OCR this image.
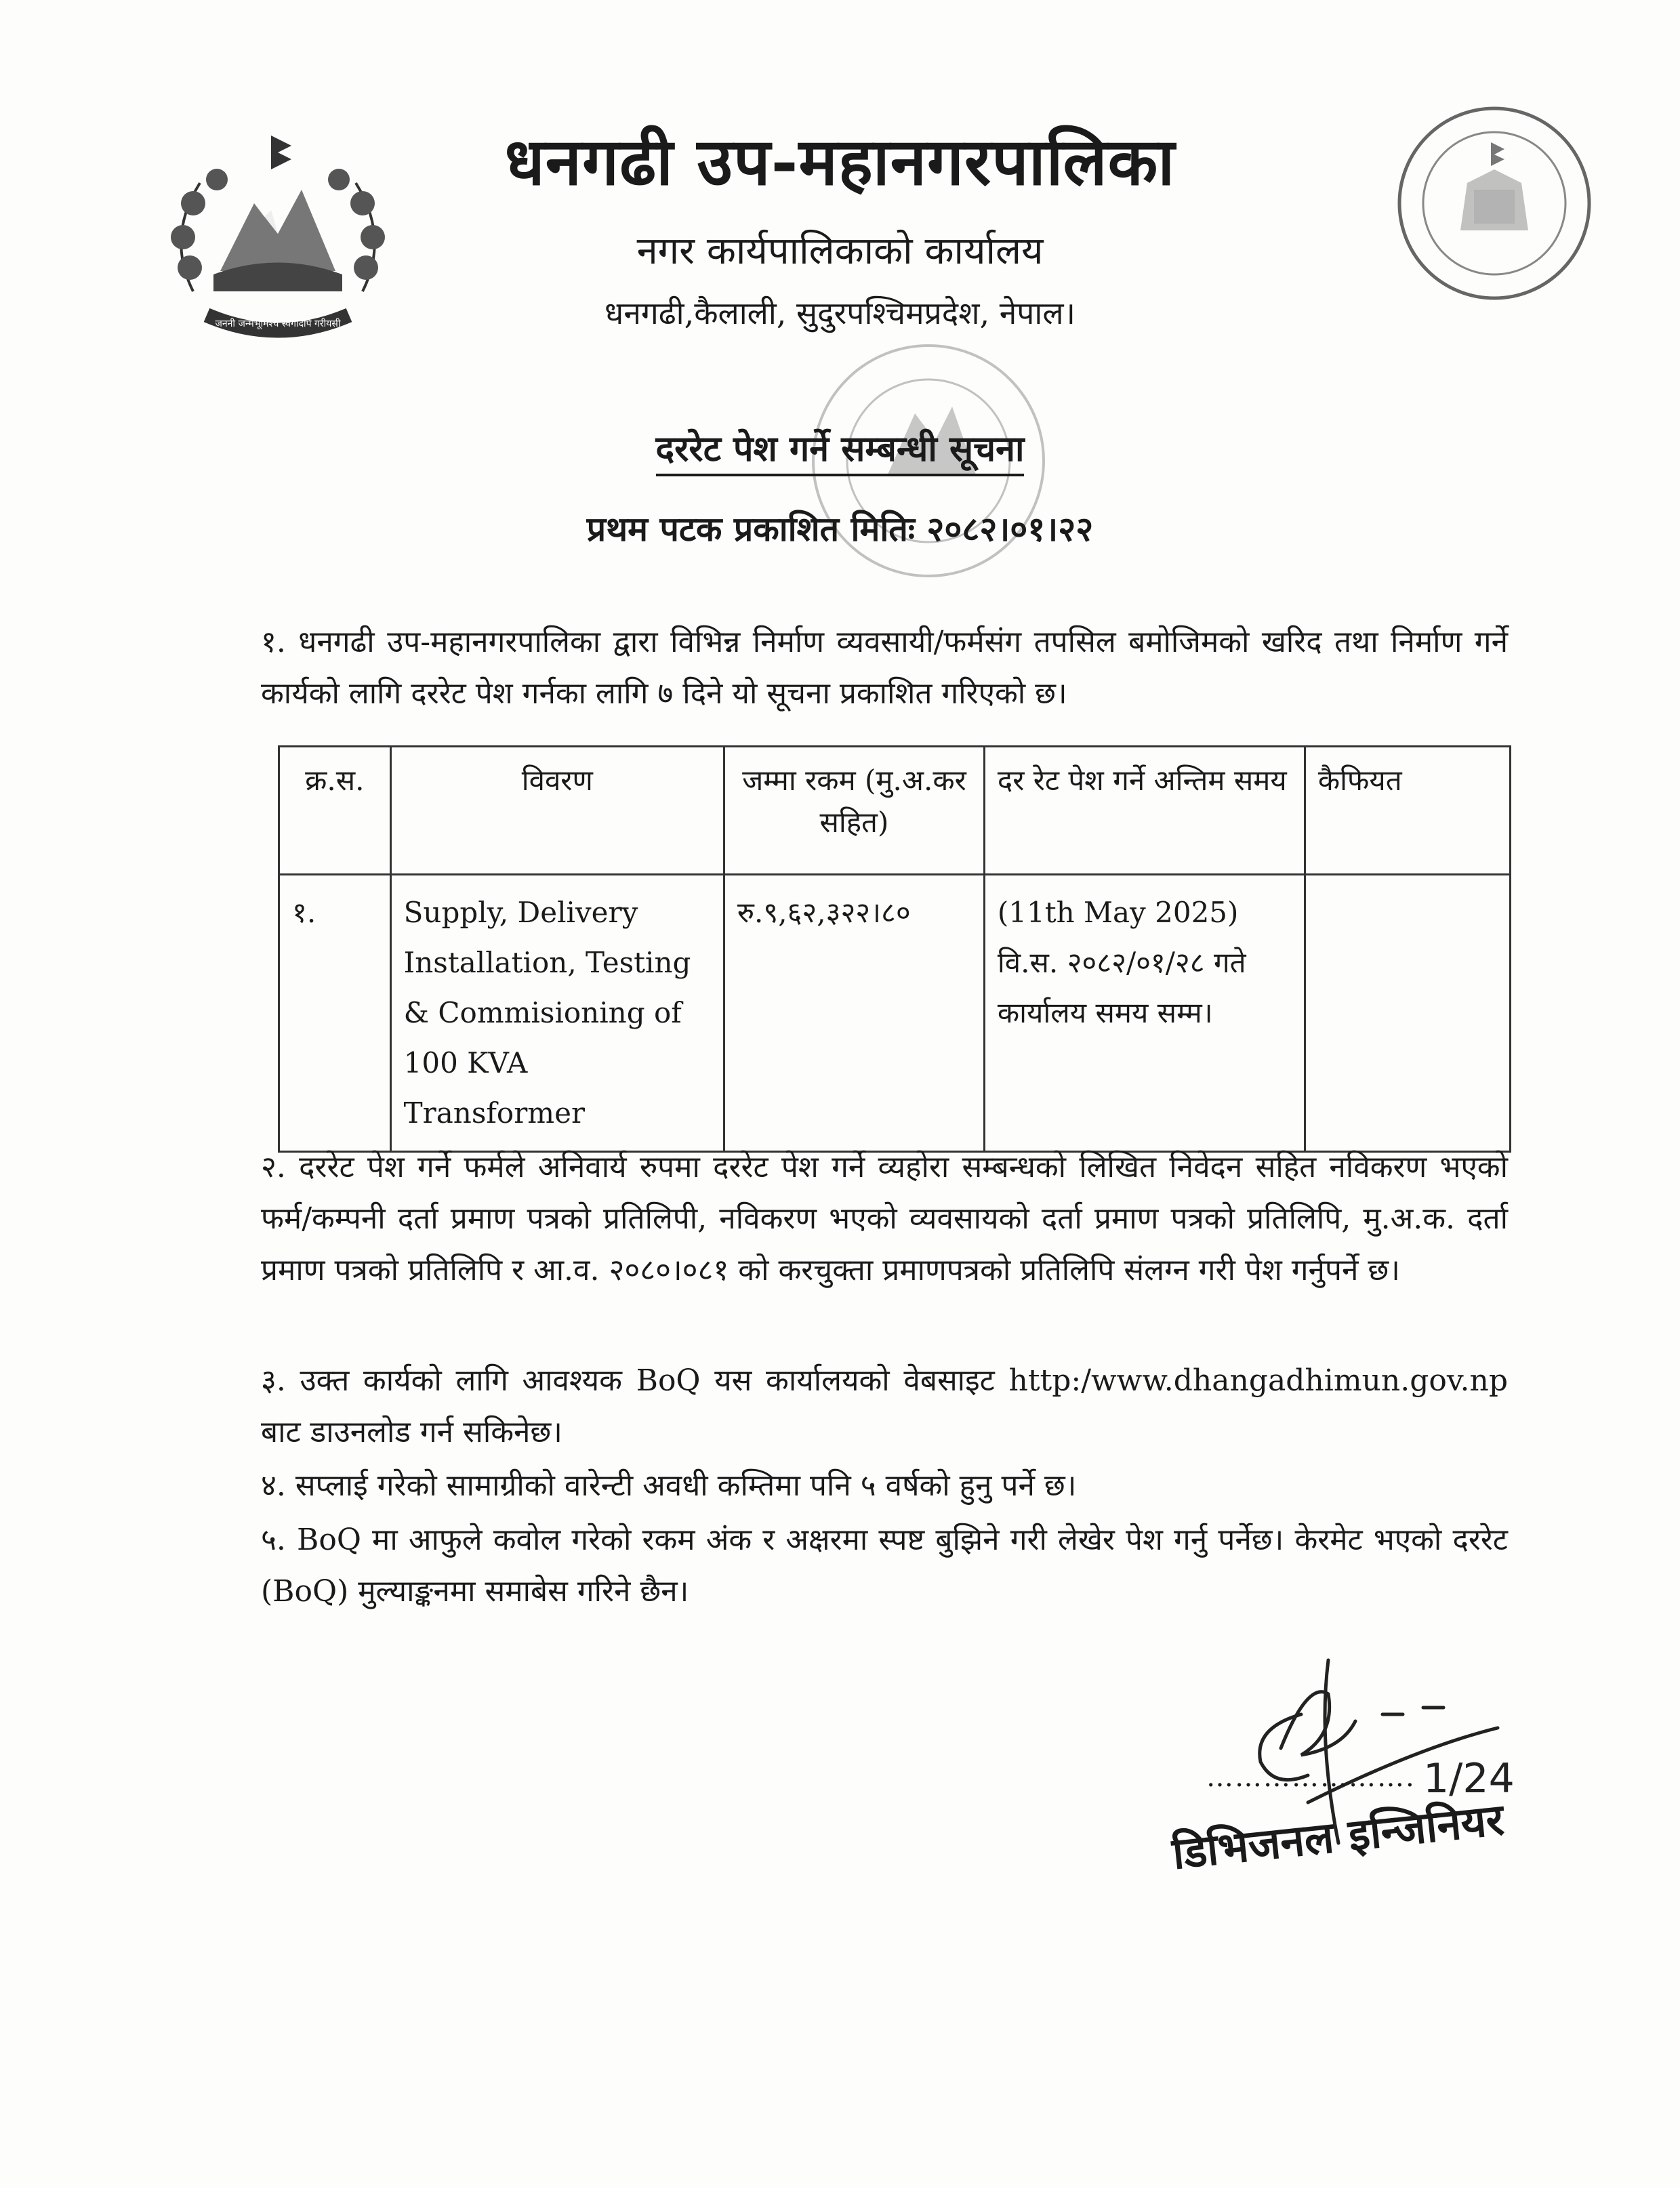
जननी जन्मभूमिश्च स्वर्गादपि गरीयसी
धनगढी उप-महानगरपालिका
नगर कार्यपालिकाको कार्यालय
धनगढी,कैलाली, सुदुरपश्चिमप्रदेश, नेपाल।
दररेट पेश गर्ने सम्बन्धी सूचना
प्रथम पटक प्रकाशित मितिः २०८२।०१।२२
१. धनगढी उप-महानगरपालिका द्वारा विभिन्न निर्माण व्यवसायी/फर्मसंग तपसिल बमोजिमको खरिद तथा निर्माण गर्ने कार्यको लागि दररेट पेश गर्नका लागि ७ दिने यो सूचना प्रकाशित गरिएको छ।
क्र.स.	विवरण	जम्मा रकम (मु.अ.कर सहित)	दर रेट पेश गर्ने अन्तिम समय	कैफियत
१.	Supply, Delivery Installation, Testing & Commisioning of 100 KVA Transformer	रु.९,६२,३२२।८०	(11th May 2025)
वि.स. २०८२/०१/२८ गते कार्यालय समय सम्म।	

२. दररेट पेश गर्ने फर्मले अनिवार्य रुपमा दररेट पेश गर्ने व्यहोरा सम्बन्धको लिखित निवेदन सहित नविकरण भएको फर्म/कम्पनी दर्ता प्रमाण पत्रको प्रतिलिपी, नविकरण भएको व्यवसायको दर्ता प्रमाण पत्रको प्रतिलिपि, मु.अ.क. दर्ता प्रमाण पत्रको प्रतिलिपि र आ.व. २०८०।०८१ को करचुक्ता प्रमाणपत्रको प्रतिलिपि संलग्न गरी पेश गर्नुपर्ने छ।
३. उक्त कार्यको लागि आवश्यक BoQ यस कार्यालयको वेबसाइट http:/www.dhangadhimun.gov.np बाट डाउनलोड गर्न सकिनेछ।
४. सप्लाई गरेको सामाग्रीको वारेन्टी अवधी कम्तिमा पनि ५ वर्षको हुनु पर्ने छ।
५. BoQ मा आफुले कवोल गरेको रकम अंक र अक्षरमा स्पष्ट बुझिने गरी लेखेर पेश गर्नु पर्नेछ। केरमेट भएको दररेट (BoQ) मुल्याङ्कनमा समाबेस गरिने छैन।
1/24
………………….
डिभिजनल इन्जिनियर
